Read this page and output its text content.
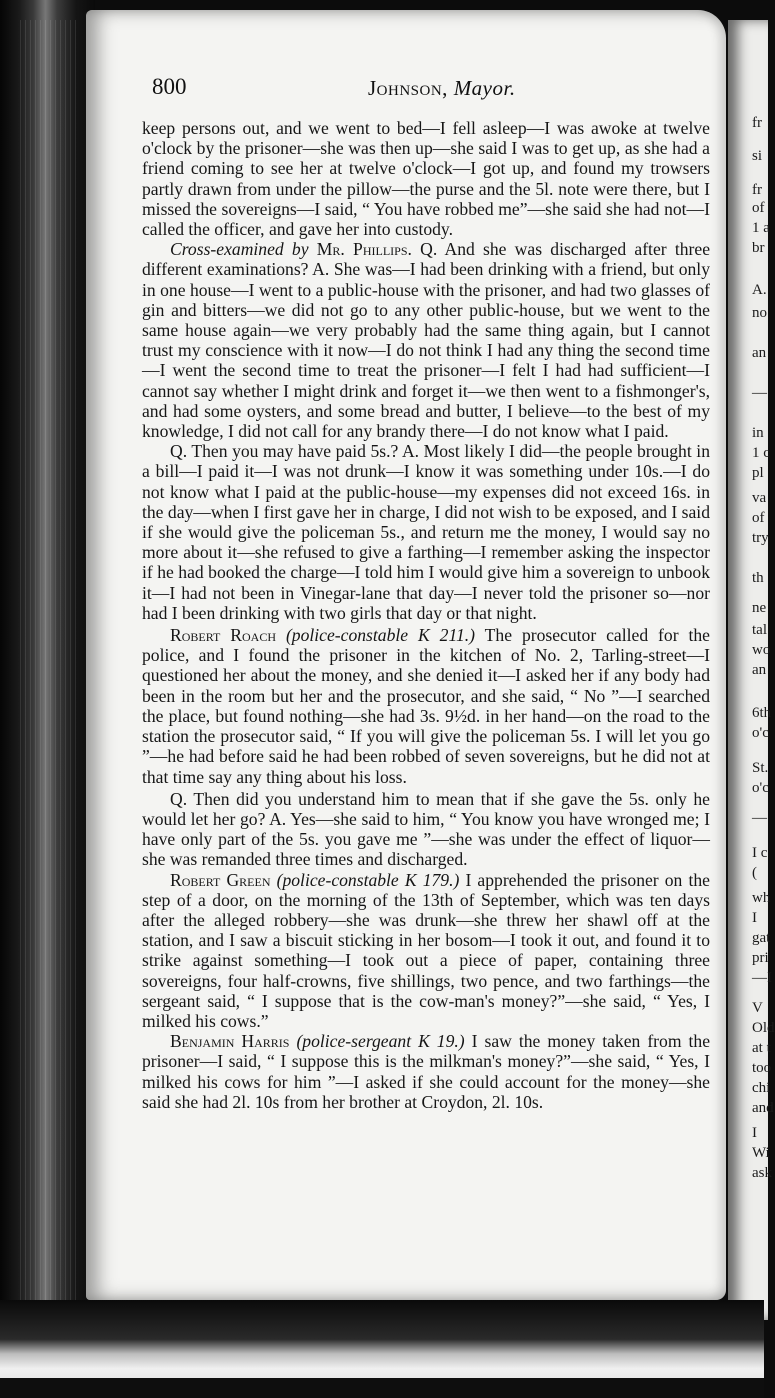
fr
si
fr
of
1 a
br
A.
no
an
—
in
1 c
pl
va
of
try
th
ne
tal
wo
an
6th
o'c
St.
o'c
—
I c
(
wh
I
gat
pri
—I
V
Old
at t
too
chi
and
I
Wi
ask
800	Johnson, Mayor.

keep persons out, and we went to bed—I fell asleep—I was awoke at twelve o'clock by the prisoner—she was then up—she said I was to get up, as she had a friend coming to see her at twelve o'clock—I got up, and found my trowsers partly drawn from under the pillow—the purse and the 5l. note were there, but I missed the sovereigns—I said, “ You have robbed me”—she said she had not—I called the officer, and gave her into custody.

Cross-examined by Mr. Phillips. Q. And she was discharged after three different examinations? A. She was—I had been drinking with a friend, but only in one house—I went to a public-house with the prisoner, and had two glasses of gin and bitters—we did not go to any other public-house, but we went to the same house again—we very probably had the same thing again, but I cannot trust my conscience with it now—I do not think I had any thing the second time—I went the second time to treat the prisoner—I felt I had had sufficient—I cannot say whether I might drink and forget it—we then went to a fishmonger's, and had some oysters, and some bread and butter, I believe—to the best of my knowledge, I did not call for any brandy there—I do not know what I paid.

Q. Then you may have paid 5s.? A. Most likely I did—the people brought in a bill—I paid it—I was not drunk—I know it was something under 10s.—I do not know what I paid at the public-house—my expenses did not exceed 16s. in the day—when I first gave her in charge, I did not wish to be exposed, and I said if she would give the policeman 5s., and return me the money, I would say no more about it—she refused to give a farthing—I remember asking the inspector if he had booked the charge—I told him I would give him a sovereign to unbook it—I had not been in Vinegar-lane that day—I never told the prisoner so—nor had I been drinking with two girls that day or that night.

Robert Roach (police-constable K 211.) The prosecutor called for the police, and I found the prisoner in the kitchen of No. 2, Tarling-street—I questioned her about the money, and she denied it—I asked her if any body had been in the room but her and the prosecutor, and she said, “ No ”—I searched the place, but found nothing—she had 3s. 9½d. in her hand—on the road to the station the prosecutor said, “ If you will give the policeman 5s. I will let you go ”—he had before said he had been robbed of seven sovereigns, but he did not at that time say any thing about his loss.

Q. Then did you understand him to mean that if she gave the 5s. only he would let her go? A. Yes—she said to him, “ You know you have wronged me; I have only part of the 5s. you gave me ”—she was under the effect of liquor—she was remanded three times and discharged.

Robert Green (police-constable K 179.) I apprehended the prisoner on the step of a door, on the morning of the 13th of September, which was ten days after the alleged robbery—she was drunk—she threw her shawl off at the station, and I saw a biscuit sticking in her bosom—I took it out, and found it to strike against something—I took out a piece of paper, containing three sovereigns, four half-crowns, five shillings, two pence, and two farthings—the sergeant said, “ I suppose that is the cow-man's money?”—she said, “ Yes, I milked his cows.”

Benjamin Harris (police-sergeant K 19.) I saw the money taken from the prisoner—I said, “ I suppose this is the milkman's money?”—she said, “ Yes, I milked his cows for him ”—I asked if she could account for the money—she said she had 2l. 10s from her brother at Croydon, 2l. 10s.
